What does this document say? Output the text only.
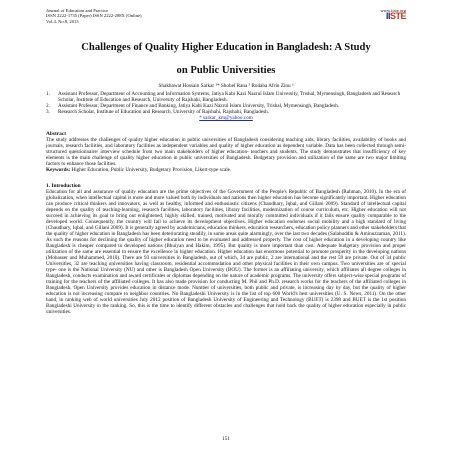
Journal of Education and Practice
ISSN 2222-1735 (Paper) ISSN 2222-288X (Online)
Vol.4, No.8, 2013
www.iiste.org
IISTE
Challenges of Quality Higher Education in Bangladesh: A Study
on Public Universities
Shakhawat Hossain Sarkar ¹* Shohel Rana ² Rudaba Afrin Zinu ³
1.	Assistant Professor, Department of Accounting and Information Systems, Jatiya Kabi Kazi Nazrul Islam University, Trishal, Mymensingh, Bangladesh and Research Scholar, Institute of Education and Research, University of Rajshahi, Bangladesh.
2.	Assistant Professor, Department of Finance and Banking, Jatiya Kabi Kazi Nazrul Islam University, Trishal, Mymensingh, Bangladesh.
3.	Research Scholar, Institute of Education and Research, University of Rajshahi, Rajshahi, Bangladesh.
* sarkar_km@yahoo.com
Abstract
The study addresses the challenges of quality higher education in public universities of Bangladesh considering teaching aids, library facilities, availability of books and journals, research facilities, and laboratory facilities as independent variables and quality of higher education as dependent variable. Data has been collected through semi-structured questionnaire/ interview schedule from two main stakeholders of higher education- teachers and students. The study demonstrates that insufficiency of key elements is the main challenge of quality higher education in public universities of Bangladesh. Budgetary provision and utilization of the same are two major limiting factors to enhance those facilities.
Keywords: Higher Education, Public University, Budgetary Provision, Likert-type scale.
1. Introduction
Education for all and assurance of quality education are the prime objectives of the Government of the People's Republic of Bangladesh (Rahman, 2010). In the era of globalization, when intellectual capital is more and more valued both by individuals and nations then higher education has become significantly important. Higher education can produce critical thinkers and innovators, as well as healthy, informed and enthusiastic citizens (Chaudhary, Iqbal, and Gillani 2009). Standard of intellectual capital depends on the quality of teaching-learning, research facilities, laboratory facilities, library facilities, modernization of course curriculum, etc. Higher education will not succeed in achieving its goal to bring out enlightened, highly skilled, trained, motivated and morally committed individuals if it fails ensure quality comparable to the developed world. Consequently, the country will fail to achieve its development objectives. Higher education endorses social mobility and a high standard of living (Chaudhary, Iqbal, and Gillani 2009). It is generally agreed by academicians, education thinkers, education researchers, education policy planners and other stakeholders that the quality of higher education in Bangladesh has been deteriorating steadily, in some areas quite alarmingly, over the last two decades (Salahuddin & Aminuzzaman, 2011). As such the reasons for declining the quality of higher education need to be evaluated and addressed properly. The cost of higher education in a developing country like Bangladesh is cheaper compared to developed nations (Bhuiyan and Hakim, 1995). But quality is more important than cost. Adequate budgetary provision and proper utilization of the same are essential to ensure the excellence in higher education. Higher education has enormous potential to promote prosperity in the developing nations (Mobasser and Muhammed, 2010). There are 93 universities in Bangladesh, out of which, 34 are public, 2 are international and the rest 59 are private. Out of 34 public Universities, 32 are teaching universities having classroom, residential accommodation and other physical facilities in their own campus. Two universities are of special type- one is the National University (NU) and other is Bangladesh Open University (BOU). The former is an affiliating university, which affiliates all degree colleges in Bangladesh, conducts examination and award certificates or diplomas depending on the nature of academic programs. The university offers subject-wise special programs of training for the teachers of the affiliated colleges. It has also made provision for conducting M. Phil and Ph.D. research works for the teachers of the affiliated colleges in Bangladesh. Open University provides education in distance mode. Number of universities, both public and private, is increasing day by day, but the quality of higher education is not increasing compare to neighbor countries. No Bangladeshi University is in the list of top 600 World's best universities (U. S. News, 2011). On the other hand, in ranking web of world universities July 2012 position of Bangladesh University of Engineering and Technology (BUET) is 2398 and BUET is the 1st position Bangladeshi University in the ranking. So, this is the time to identify different obstacles and challenges that hold back the quality of higher education especially in public universities.
151
